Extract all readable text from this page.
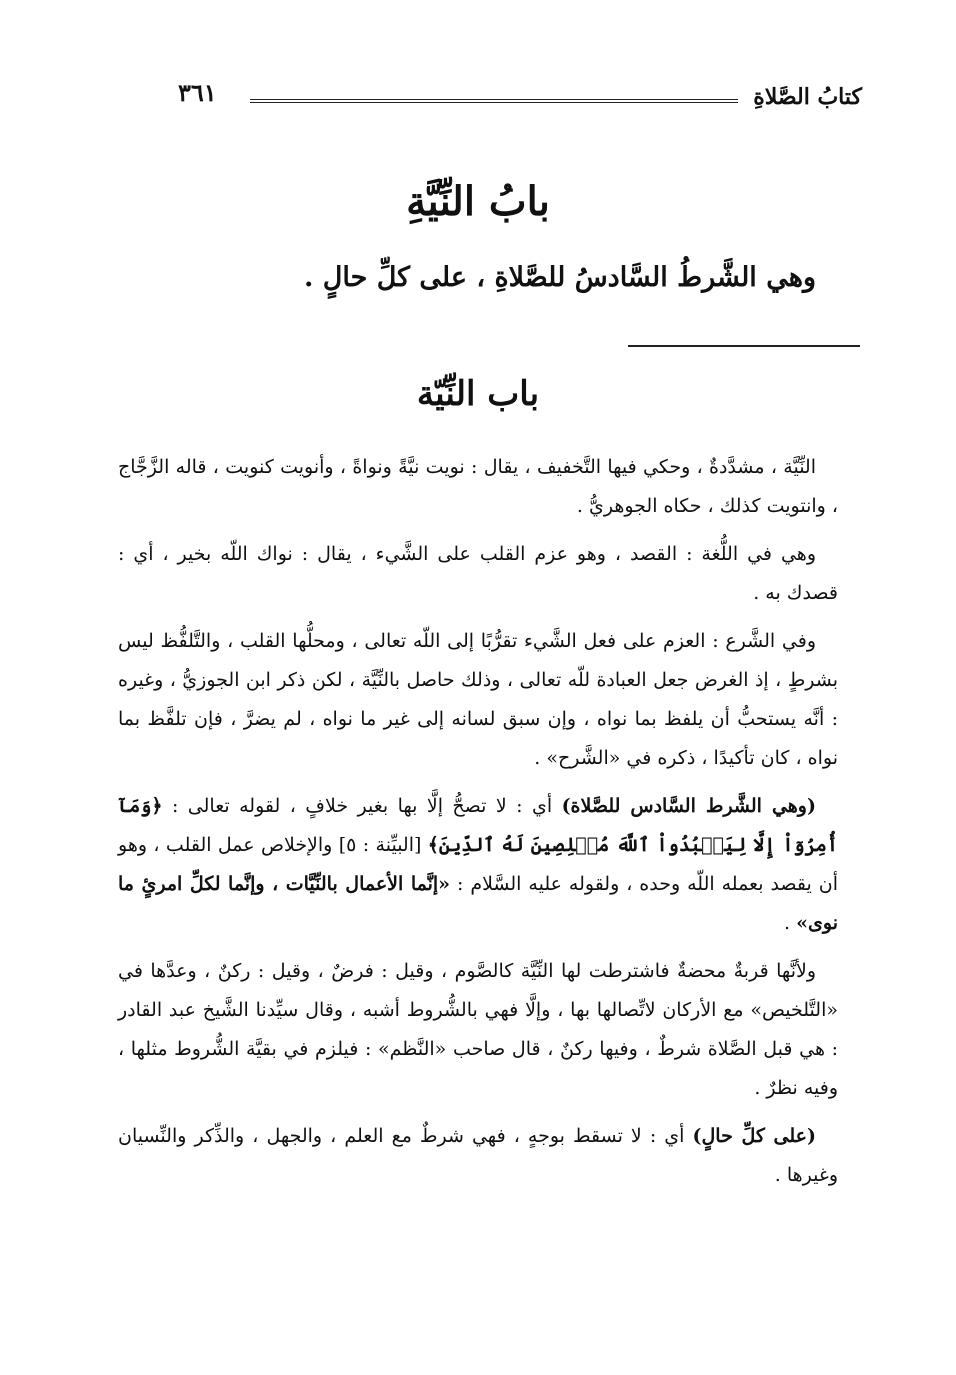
كتابُ الصَّلاةِ
٣٦١
بابُ النِّيَّةِ
وهي الشَّرطُ السَّادسُ للصَّلاةِ ، على كلِّ حالٍ .
باب النِّيّة

النِّيَّة ، مشدَّدةٌ ، وحكي فيها التَّخفيف ، يقال : نويت نيَّةً ونواةً ، وأنويت كنويت ، قاله الزَّجَّاج ، وانتويت كذلك ، حكاه الجوهريُّ .

وهي في اللُّغة : القصد ، وهو عزم القلب على الشَّيء ، يقال : نواك اللّه بخير ، أي : قصدك به .

وفي الشَّرع : العزم على فعل الشَّيء تقرُّبًا إلى اللّه تعالى ، ومحلُّها القلب ، والتَّلفُّظ ليس بشرطٍ ، إذ الغرض جعل العبادة للّه تعالى ، وذلك حاصل بالنِّيَّة ، لكن ذكر ابن الجوزيُّ ، وغيره : أنَّه يستحبُّ أن يلفظ بما نواه ، وإن سبق لسانه إلى غير ما نواه ، لم يضرَّ ، فإن تلفَّظ بما نواه ، كان تأكيدًا ، ذكره في «الشَّرح» .

(وهي الشَّرط السَّادس للصَّلاة) أي : لا تصحُّ إلَّا بها بغير خلافٍ ، لقوله تعالى : ﴿وَمَآ أُمِرُوٓاْ إِلَّا لِيَعۡبُدُواْ ٱللَّهَ مُخۡلِصِينَ لَهُ ٱلدِّينَ﴾ [البيِّنة : ٥] والإخلاص عمل القلب ، وهو أن يقصد بعمله اللّه وحده ، ولقوله عليه السَّلام : «إنَّما الأعمال بالنِّيَّات ، وإنَّما لكلِّ امرئٍ ما نوى» .

ولأنَّها قربةٌ محضةٌ فاشترطت لها النِّيَّة كالصَّوم ، وقيل : فرضٌ ، وقيل : ركنٌ ، وعدَّها في «التَّلخيص» مع الأركان لاتِّصالها بها ، وإلَّا فهي بالشُّروط أشبه ، وقال سيِّدنا الشَّيخ عبد القادر : هي قبل الصَّلاة شرطٌ ، وفيها ركنٌ ، قال صاحب «النَّظم» : فيلزم في بقيَّة الشُّروط مثلها ، وفيه نظرٌ .

(على كلِّ حالٍ) أي : لا تسقط بوجهٍ ، فهي شرطٌ مع العلم ، والجهل ، والذِّكر والنِّسيان وغيرها .
